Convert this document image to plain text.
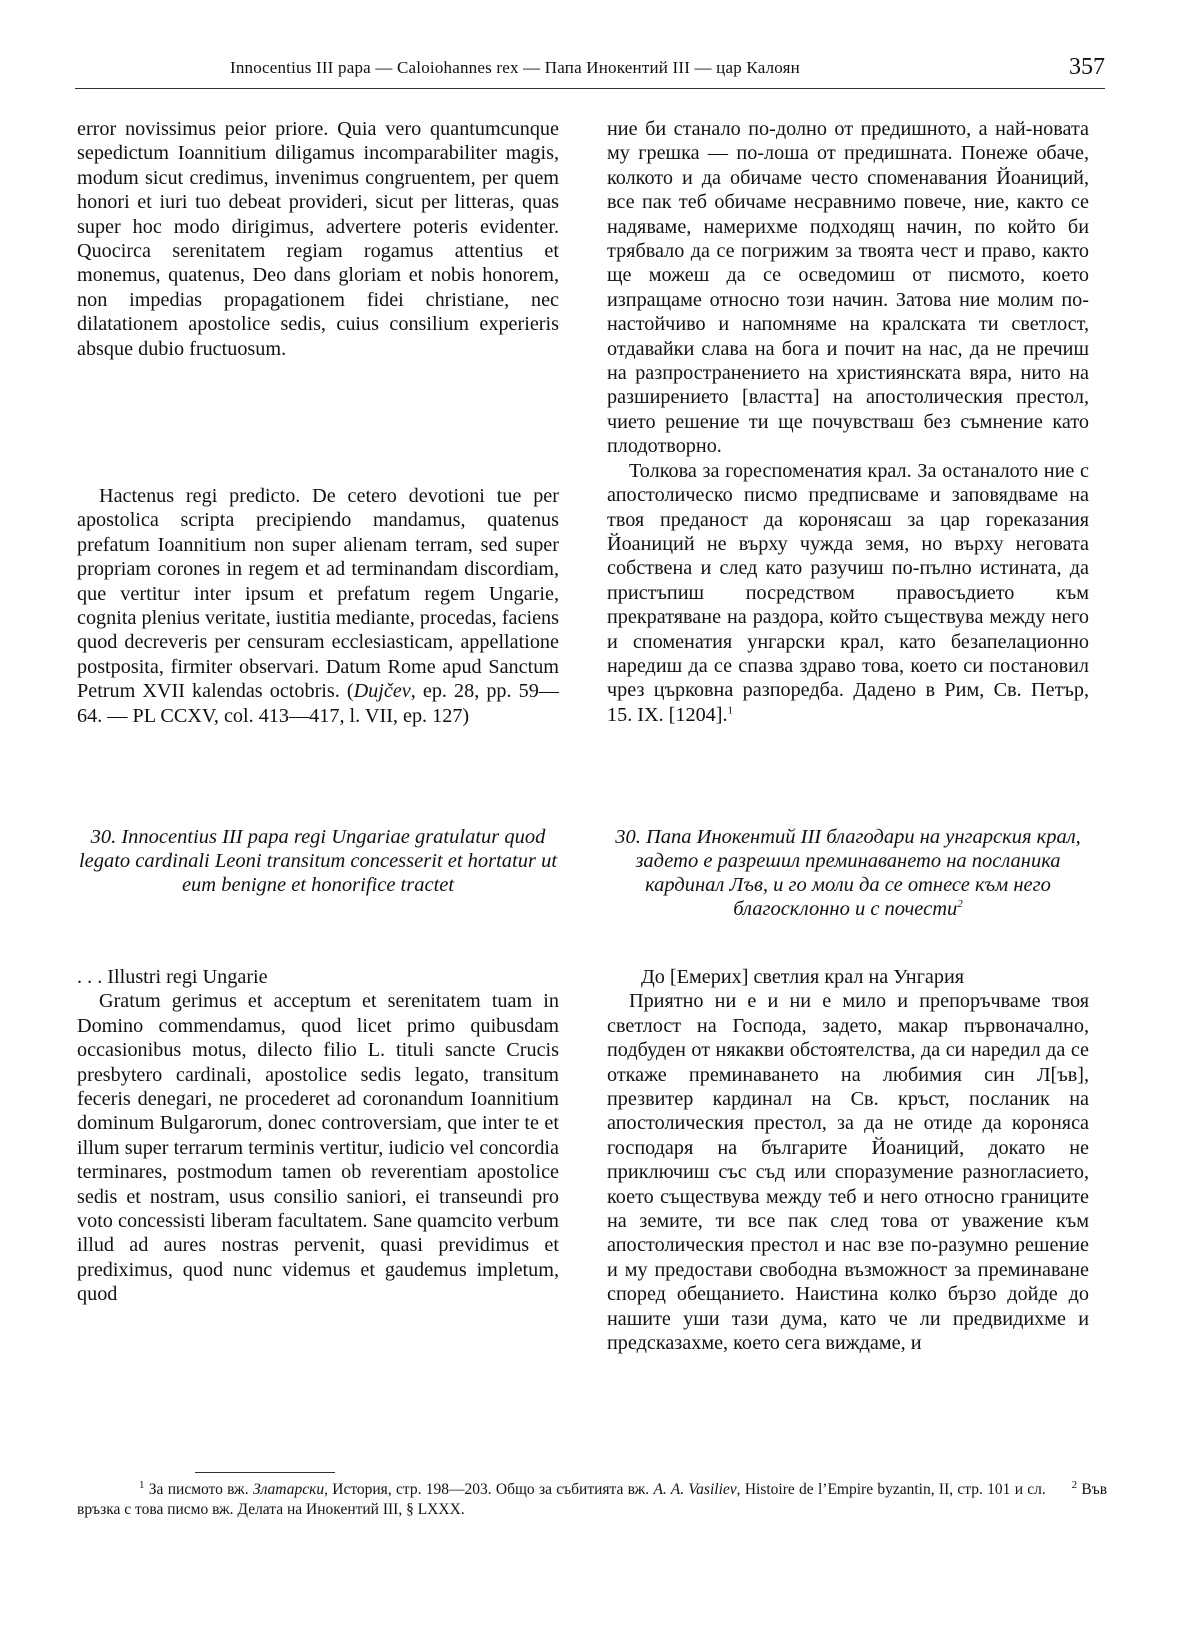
Innocentius III papa — Caloiohannes rex — Папа Инокентий III — цар Калоян	357

error novissimus peior priore. Quia vero quantumcunque sepedictum Ioannitium diligamus incomparabiliter magis, modum sicut credimus, invenimus congruentem, per quem honori et iuri tuo debeat provideri, sicut per litteras, quas super hoc modo dirigimus, advertere poteris evidenter. Quocirca serenitatem regiam rogamus attentius et monemus, quatenus, Deo dans gloriam et nobis honorem, non impedias propagationem fidei christiane, nec dilatationem apostolice sedis, cuius consilium experieris absque dubio fructuosum.

Hactenus regi predicto. De cetero devotioni tue per apostolica scripta precipiendo mandamus, quatenus prefatum Ioannitium non super alienam terram, sed super propriam corones in regem et ad terminandam discordiam, que vertitur inter ipsum et prefatum regem Ungarie, cognita plenius veritate, iustitia mediante, procedas, faciens quod decreveris per censuram ecclesiasticam, appellatione postposita, firmiter observari. Datum Rome apud Sanctum Petrum XVII kalendas octobris. (Dujčev, ep. 28, pp. 59—64. — PL CCXV, col. 413—417, l. VII, ep. 127)

30. Innocentius III papa regi Ungariae gratulatur quod legato cardinali Leoni transitum concesserit et hortatur ut eum benigne et honorifice tractet

. . . Illustri regi Ungarie

Gratum gerimus et acceptum et serenitatem tuam in Domino commendamus, quod licet primo quibusdam occasionibus motus, dilecto filio L. tituli sancte Crucis presbytero cardinali, apostolice sedis legato, transitum feceris denegari, ne procederet ad coronandum Ioannitium dominum Bulgarorum, donec controversiam, que inter te et illum super terrarum terminis vertitur, iudicio vel concordia terminares, postmodum tamen ob reverentiam apostolice sedis et nostram, usus consilio saniori, ei transeundi pro voto concessisti liberam facultatem. Sane quamcito verbum illud ad aures nostras pervenit, quasi previdimus et prediximus, quod nunc videmus et gaudemus impletum, quod

ние би станало по-долно от предишното, а най-новата му грешка — по-лоша от предишната. Понеже обаче, колкото и да обичаме често споменавания Йоаниций, все пак теб обичаме несравнимо повече, ние, както се надяваме, намерихме подходящ начин, по който би трябвало да се погрижим за твоята чест и право, както ще можеш да се осведомиш от писмото, което изпращаме относно този начин. Затова ние молим по-настойчиво и напомняме на кралската ти светлост, отдавайки слава на бога и почит на нас, да не пречиш на разпространението на християнската вяра, нито на разширението [властта] на апостолическия престол, чието решение ти ще почувстваш без съмнение като плодотворно.

Толкова за гореспоменатия крал. За останалото ние с апостолическо писмо предписваме и заповядваме на твоя преданост да коронясаш за цар горeказания Йоаниций не върху чужда земя, но върху неговата собствена и след като разучиш по-пълно истината, да пристъпиш посредством правосъдието към прекратяване на раздора, който съществува между него и споменатия унгарски крал, като безапелационно наредиш да се спазва здраво това, което си постановил чрез църковна разпоредба. Дадено в Рим, Св. Петър, 15. IX. [1204].$^1$

30. Папа Инокентий III благодари на унгарския крал, задето е разрешил преминаването на посланика кардинал Лъв, и го моли да се отнесе към него благосклонно и с почести$^2$

До [Емерих] светлия крал на Унгария

Приятно ни е и ни е мило и препоръчваме твоя светлост на Господа, задето, макар първоначално, подбуден от някакви обстоятелства, да си наредил да се откаже преминаването на любимия син Л[ъв], презвитер кардинал на Св. кръст, посланик на апостолическия престол, за да не отиде да коронясa господаря на българите Йоаниций, докато не приключиш със съд или споразумение разногласието, което съществува между теб и него относно границите на земите, ти все пак след това от уважение към апостолическия престол и нас взе по-разумно решение и му предостави свободна възможност за преминаване според обещанието. Наистина колко бързо дойде до нашите уши тази дума, като че ли предвидихме и предсказахме, което сега виждаме, и

$^1$ За писмото вж. Златарски, История, стр. 198—203. Общо за събитията вж. A. A. Vasiliev, Histoire de l’Empire byzantin, II, стр. 101 и сл. $^2$ Във връзка с това писмо вж. Делата на Инокентий III, § LXXX.
